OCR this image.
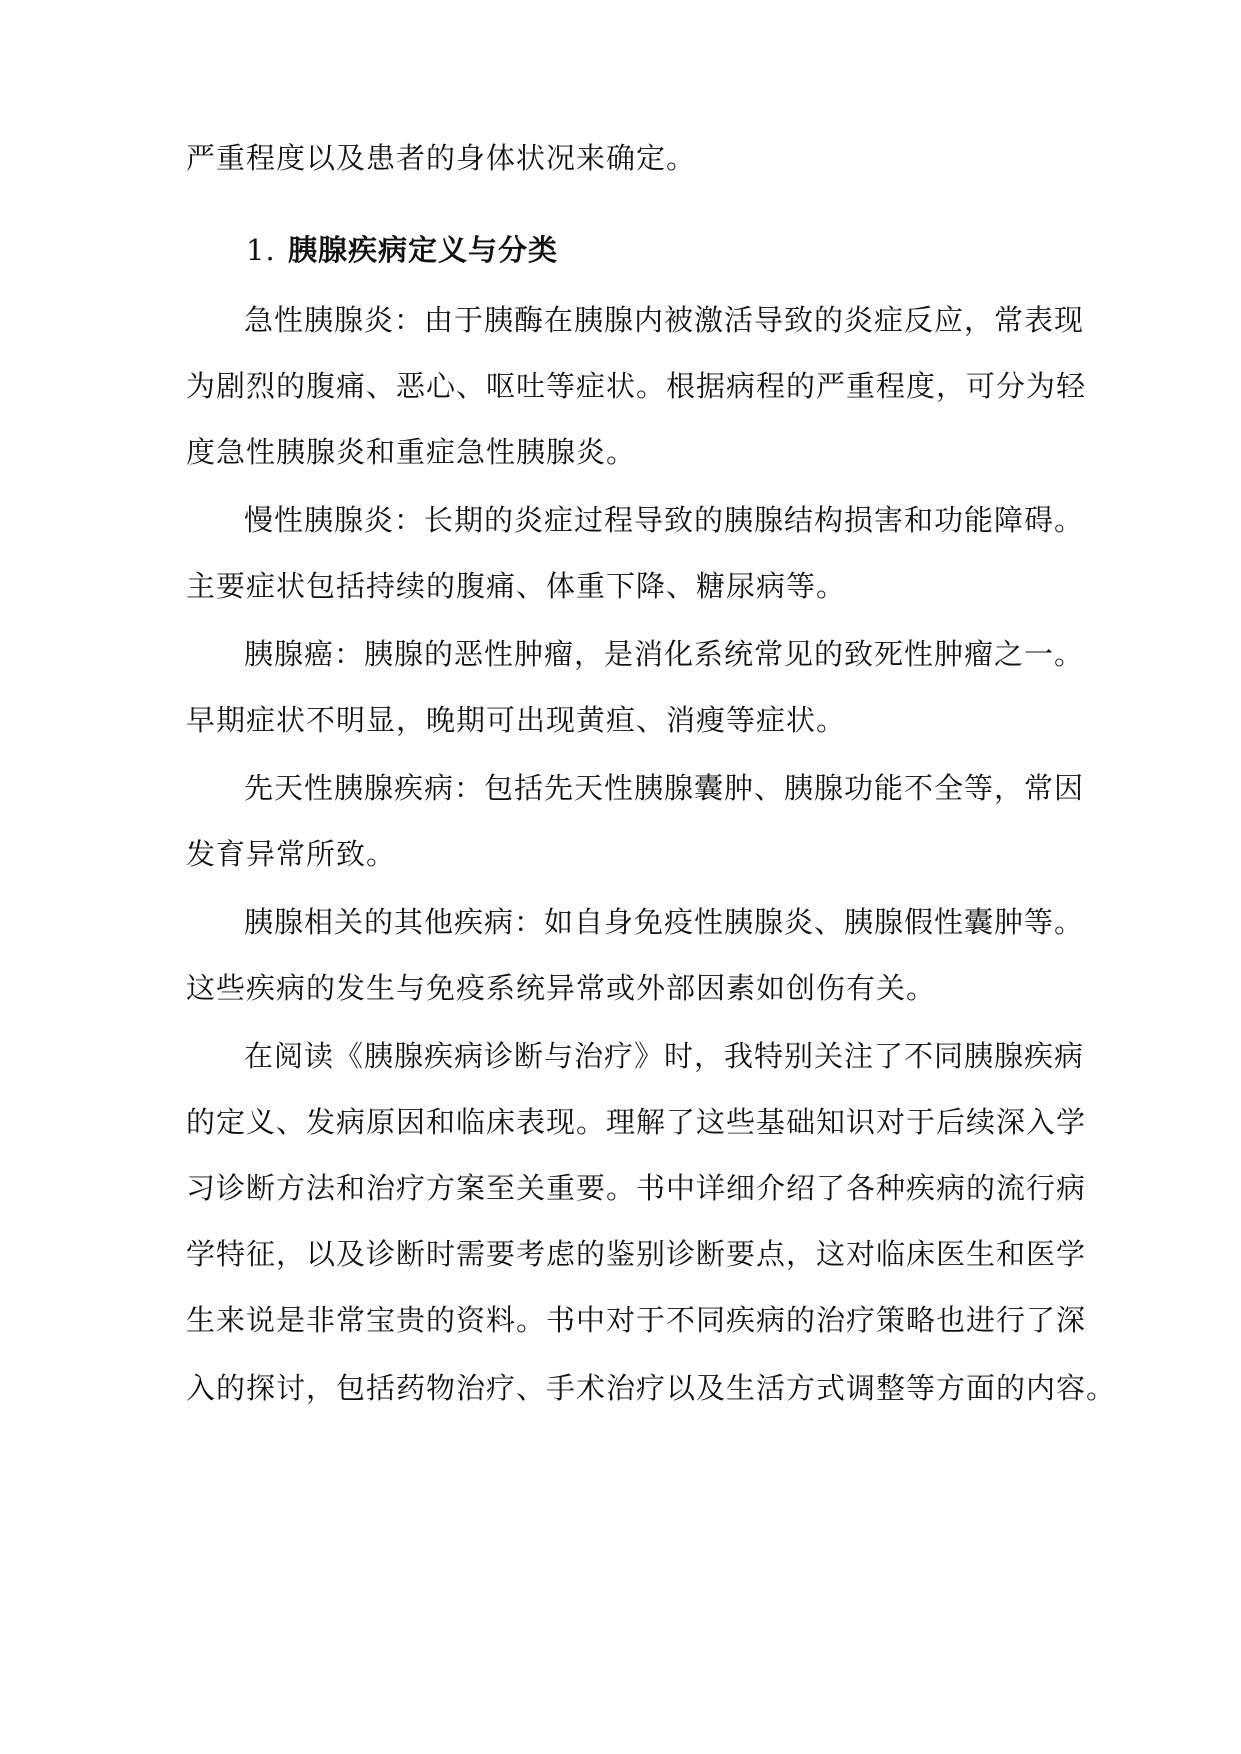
严重程度以及患者的身体状况来确定。
1. 胰腺疾病定义与分类
急性胰腺炎：由于胰酶在胰腺内被激活导致的炎症反应，常表现
为剧烈的腹痛、恶心、呕吐等症状。根据病程的严重程度，可分为轻
度急性胰腺炎和重症急性胰腺炎。
慢性胰腺炎：长期的炎症过程导致的胰腺结构损害和功能障碍。
主要症状包括持续的腹痛、体重下降、糖尿病等。
胰腺癌：胰腺的恶性肿瘤，是消化系统常见的致死性肿瘤之一。
早期症状不明显，晚期可出现黄疸、消瘦等症状。
先天性胰腺疾病：包括先天性胰腺囊肿、胰腺功能不全等，常因
发育异常所致。
胰腺相关的其他疾病：如自身免疫性胰腺炎、胰腺假性囊肿等。
这些疾病的发生与免疫系统异常或外部因素如创伤有关。
在阅读《胰腺疾病诊断与治疗》时，我特别关注了不同胰腺疾病
的定义、发病原因和临床表现。理解了这些基础知识对于后续深入学
习诊断方法和治疗方案至关重要。书中详细介绍了各种疾病的流行病
学特征，以及诊断时需要考虑的鉴别诊断要点，这对临床医生和医学
生来说是非常宝贵的资料。书中对于不同疾病的治疗策略也进行了深
入的探讨，包括药物治疗、手术治疗以及生活方式调整等方面的内容。
